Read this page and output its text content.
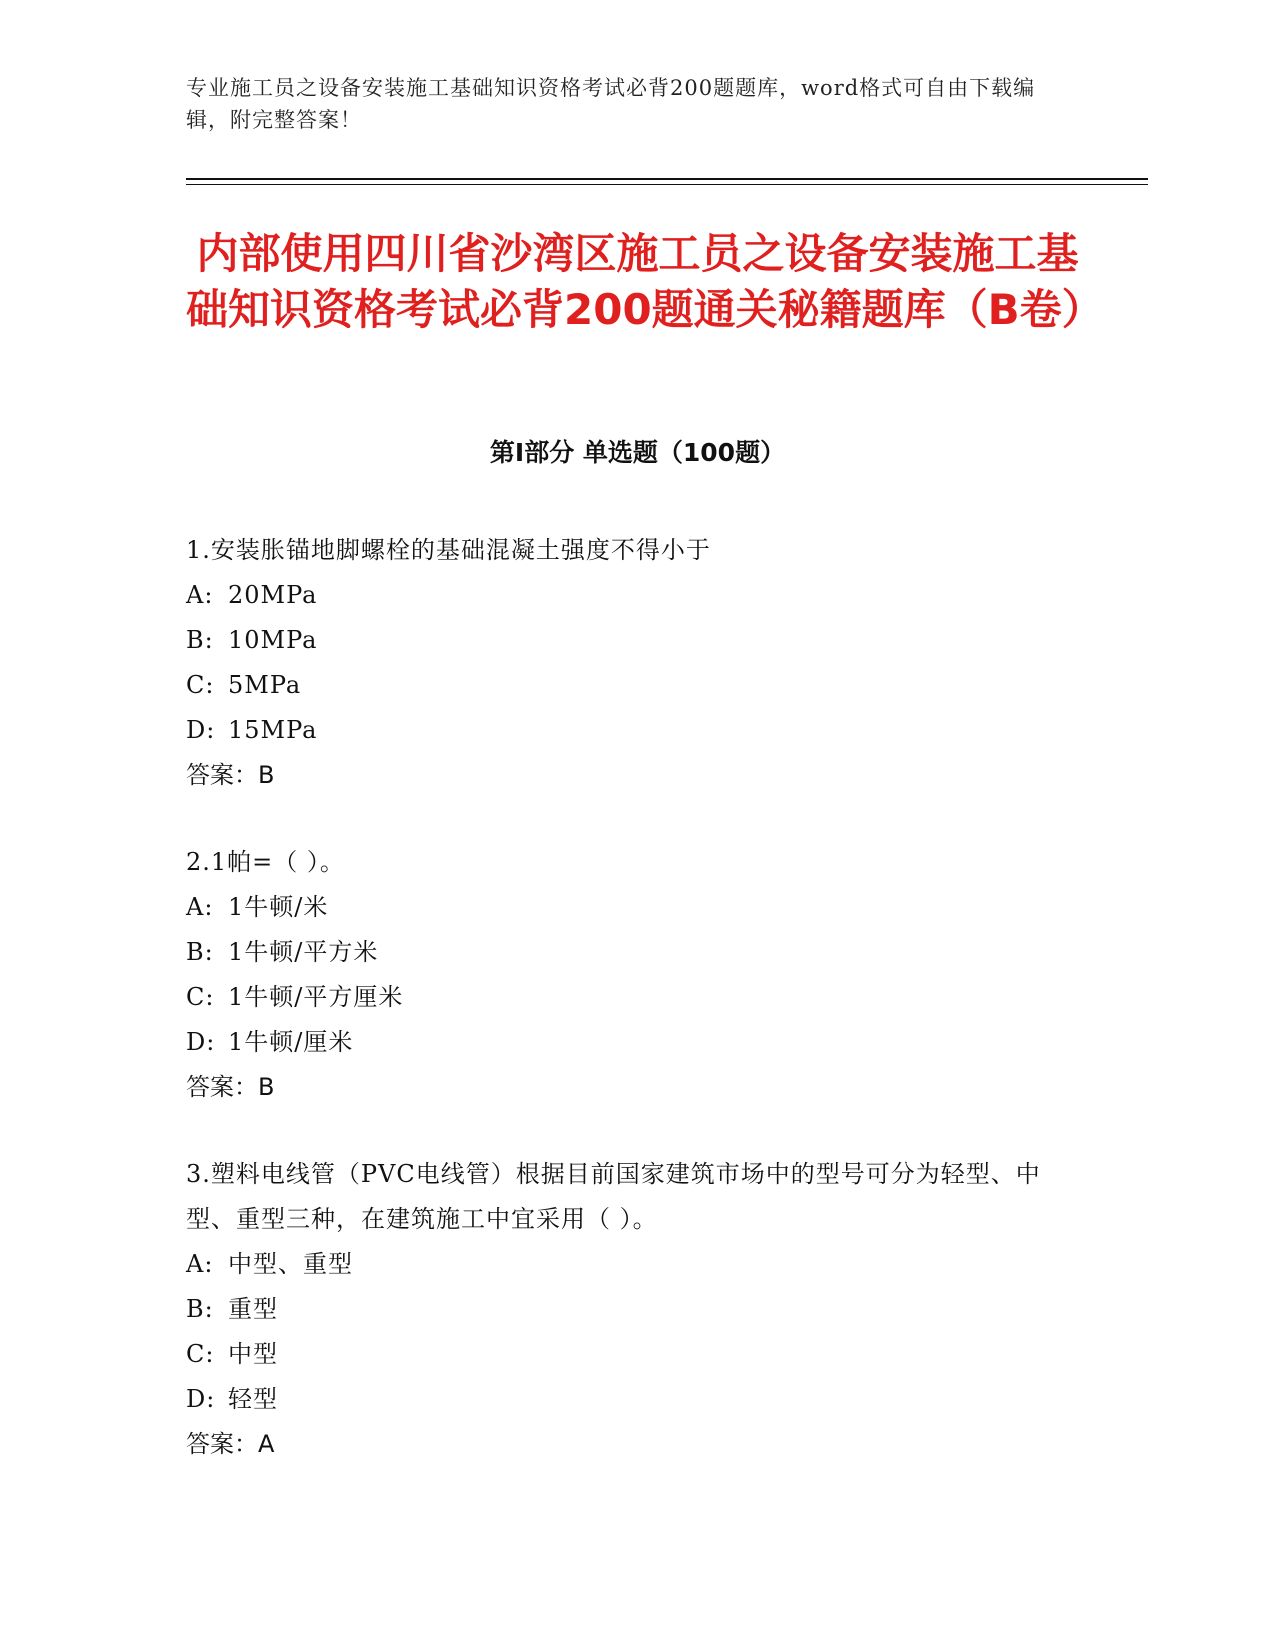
专业施工员之设备安装施工基础知识资格考试必背200题题库，word格式可自由下载编辑，附完整答案！
内部使用四川省沙湾区施工员之设备安装施工基础知识资格考试必背200题通关秘籍题库（B卷）
第Ⅰ部分 单选题（100题）

1.安装胀锚地脚螺栓的基础混凝土强度不得小于

A: 20MPa

B: 10MPa

C: 5MPa

D: 15MPa

答案：B

2.1帕=（ ）。

A: 1牛顿/米

B: 1牛顿/平方米

C: 1牛顿/平方厘米

D: 1牛顿/厘米

答案：B

3.塑料电线管（PVC电线管）根据目前国家建筑市场中的型号可分为轻型、中型、重型三种，在建筑施工中宜采用（ ）。

A: 中型、重型

B: 重型

C: 中型

D: 轻型

答案：A
